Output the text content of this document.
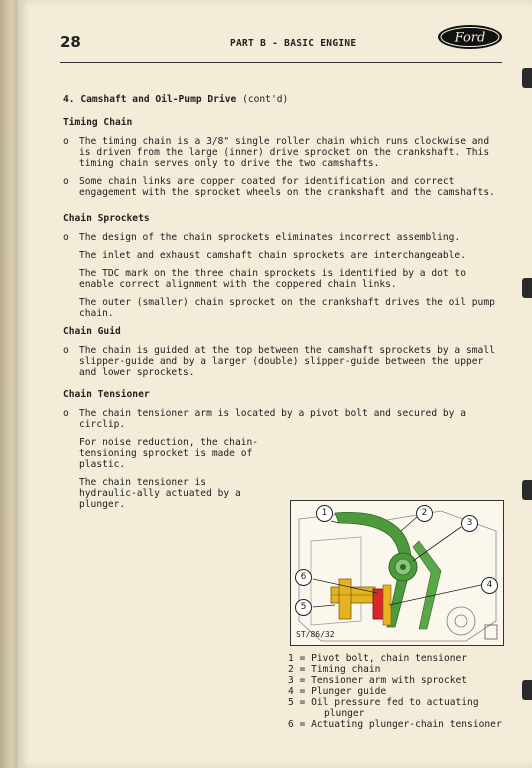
28	PART B - BASIC ENGINE	Ford
4. Camshaft and Oil-Pump Drive (cont'd)
Timing Chain
o The timing chain is a 3/8" single roller chain which runs clockwise and is driven from the large (inner) drive sprocket on the crankshaft. This timing chain serves only to drive the two camshafts.
o Some chain links are copper coated for identification and correct engagement with the sprocket wheels on the crankshaft and the camshafts.
Chain Sprockets
o The design of the chain sprockets eliminates incorrect assembling.
The inlet and exhaust camshaft chain sprockets are interchangeable.
The TDC mark on the three chain sprockets is identified by a dot to enable correct alignment with the coppered chain links.
The outer (smaller) chain sprocket on the crankshaft drives the oil pump chain.
Chain Guid
o The chain is guided at the top between the camshaft sprockets by a small slipper-guide and by a larger (double) slipper-guide between the upper and lower sprockets.
Chain Tensioner
o The chain tensioner arm is located by a pivot bolt and secured by a circlip.
For noise reduction, the chain-tensioning sprocket is made of plastic.
The chain tensioner is hydraulic-ally actuated by a plunger.
1	2
3
4
5
6
ST/86/32
1 = Pivot bolt, chain tensioner
2 = Timing chain
3 = Tensioner arm with sprocket
4 = Plunger guide
5 = Oil pressure fed to actuating
plunger
6 = Actuating plunger-chain tensioner
